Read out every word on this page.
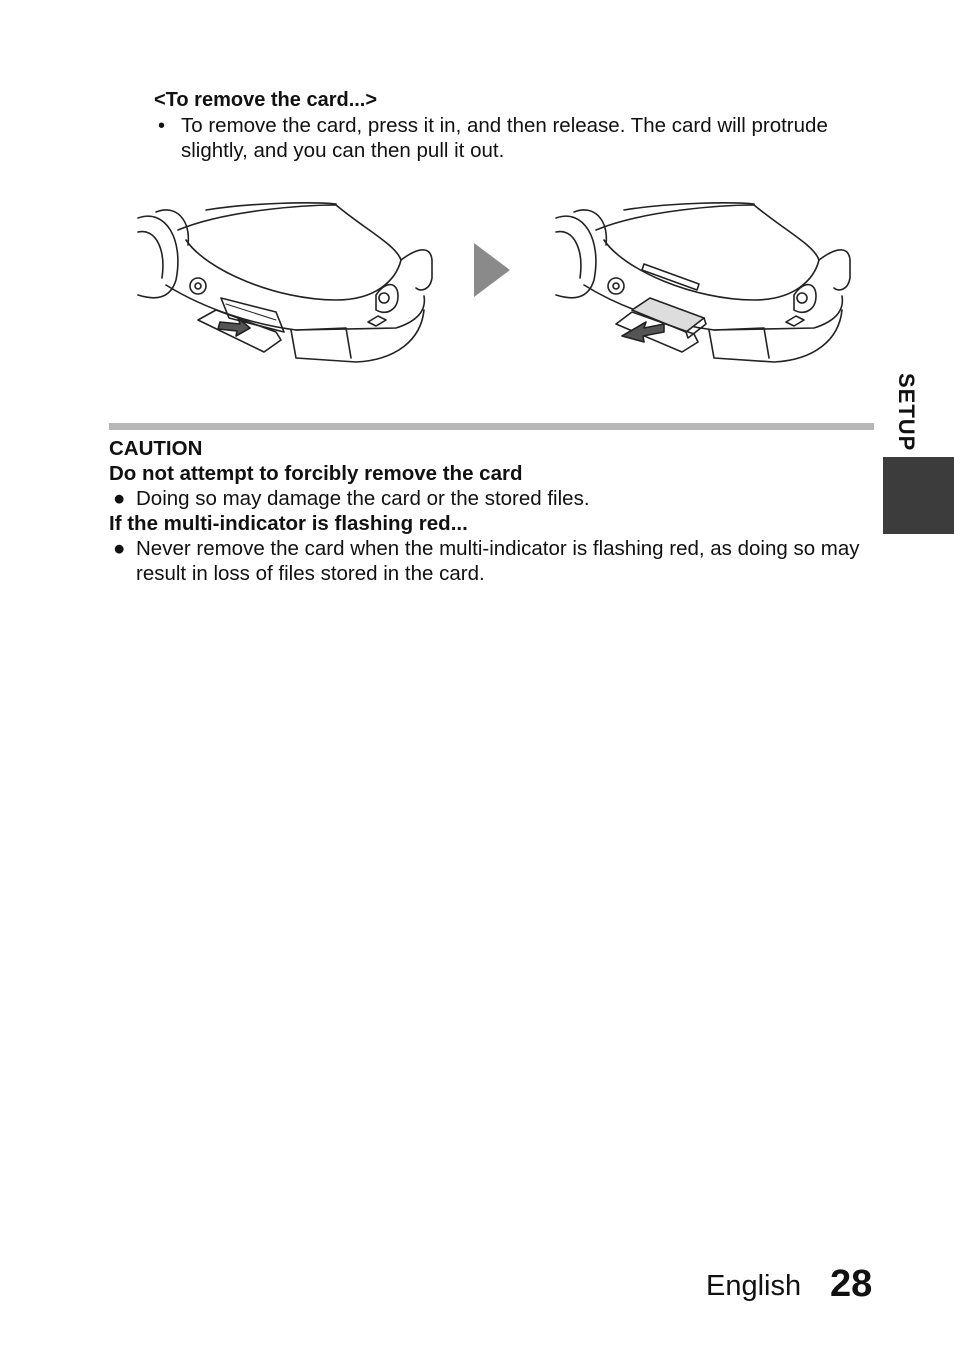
<To remove the card...>
• To remove the card, press it in, and then release. The card will protrude slightly, and you can then pull it out.
CAUTION
Do not attempt to forcibly remove the card
● Doing so may damage the card or the stored files.
If the multi-indicator is flashing red...
● Never remove the card when the multi-indicator is flashing red, as doing so may result in loss of files stored in the card.
SETUP
English 28
